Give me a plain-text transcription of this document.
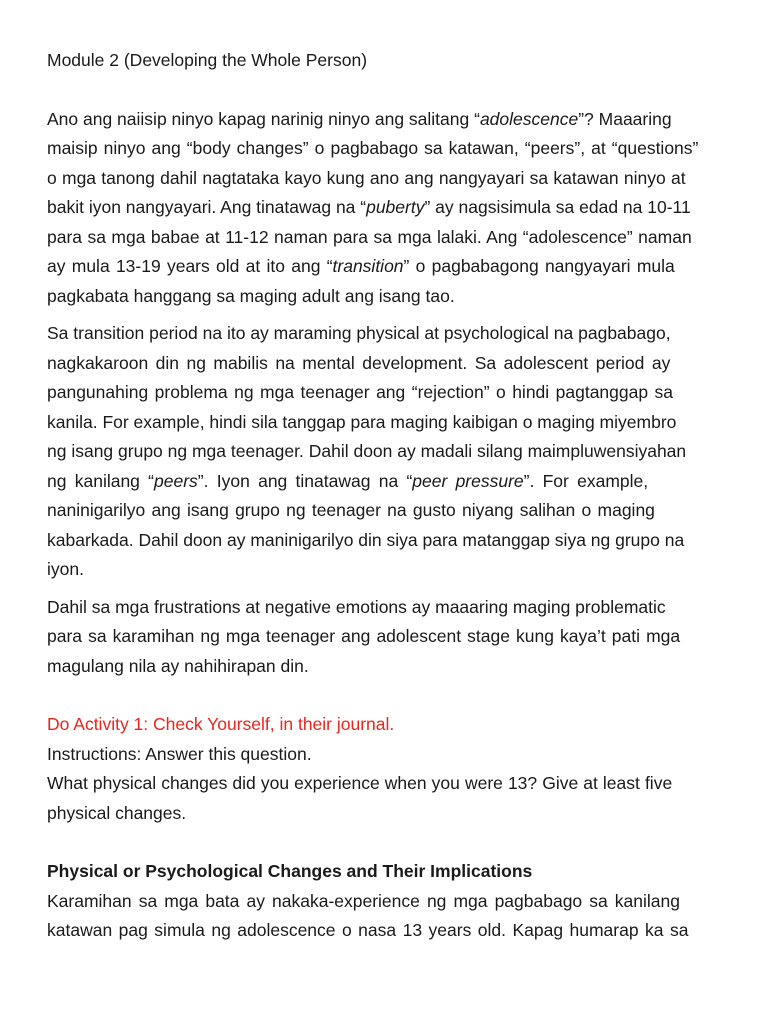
Module 2 (Developing the Whole Person)
Ano ang naiisip ninyo kapag narinig ninyo ang salitang “adolescence”? Maaaring
maisip ninyo ang “body changes” o pagbabago sa katawan, “peers”, at “questions”
o mga tanong dahil nagtataka kayo kung ano ang nangyayari sa katawan ninyo at
bakit iyon nangyayari. Ang tinatawag na “puberty” ay nagsisimula sa edad na 10-11
para sa mga babae at 11-12 naman para sa mga lalaki. Ang “adolescence” naman
ay mula 13-19 years old at ito ang “transition” o pagbabagong nangyayari mula
pagkabata hanggang sa maging adult ang isang tao.
Sa transition period na ito ay maraming physical at psychological na pagbabago,
nagkakaroon din ng mabilis na mental development. Sa adolescent period ay
pangunahing problema ng mga teenager ang “rejection” o hindi pagtanggap sa
kanila. For example, hindi sila tanggap para maging kaibigan o maging miyembro
ng isang grupo ng mga teenager. Dahil doon ay madali silang maimpluwensiyahan
ng kanilang “peers”. Iyon ang tinatawag na “peer pressure”. For example,
naninigarilyo ang isang grupo ng teenager na gusto niyang salihan o maging
kabarkada. Dahil doon ay maninigarilyo din siya para matanggap siya ng grupo na
iyon.
Dahil sa mga frustrations at negative emotions ay maaaring maging problematic
para sa karamihan ng mga teenager ang adolescent stage kung kaya’t pati mga
magulang nila ay nahihirapan din.
Do Activity 1: Check Yourself, in their journal.
Instructions: Answer this question.
What physical changes did you experience when you were 13? Give at least five
physical changes.
Physical or Psychological Changes and Their Implications
Karamihan sa mga bata ay nakaka-experience ng mga pagbabago sa kanilang
katawan pag simula ng adolescence o nasa 13 years old. Kapag humarap ka sa
